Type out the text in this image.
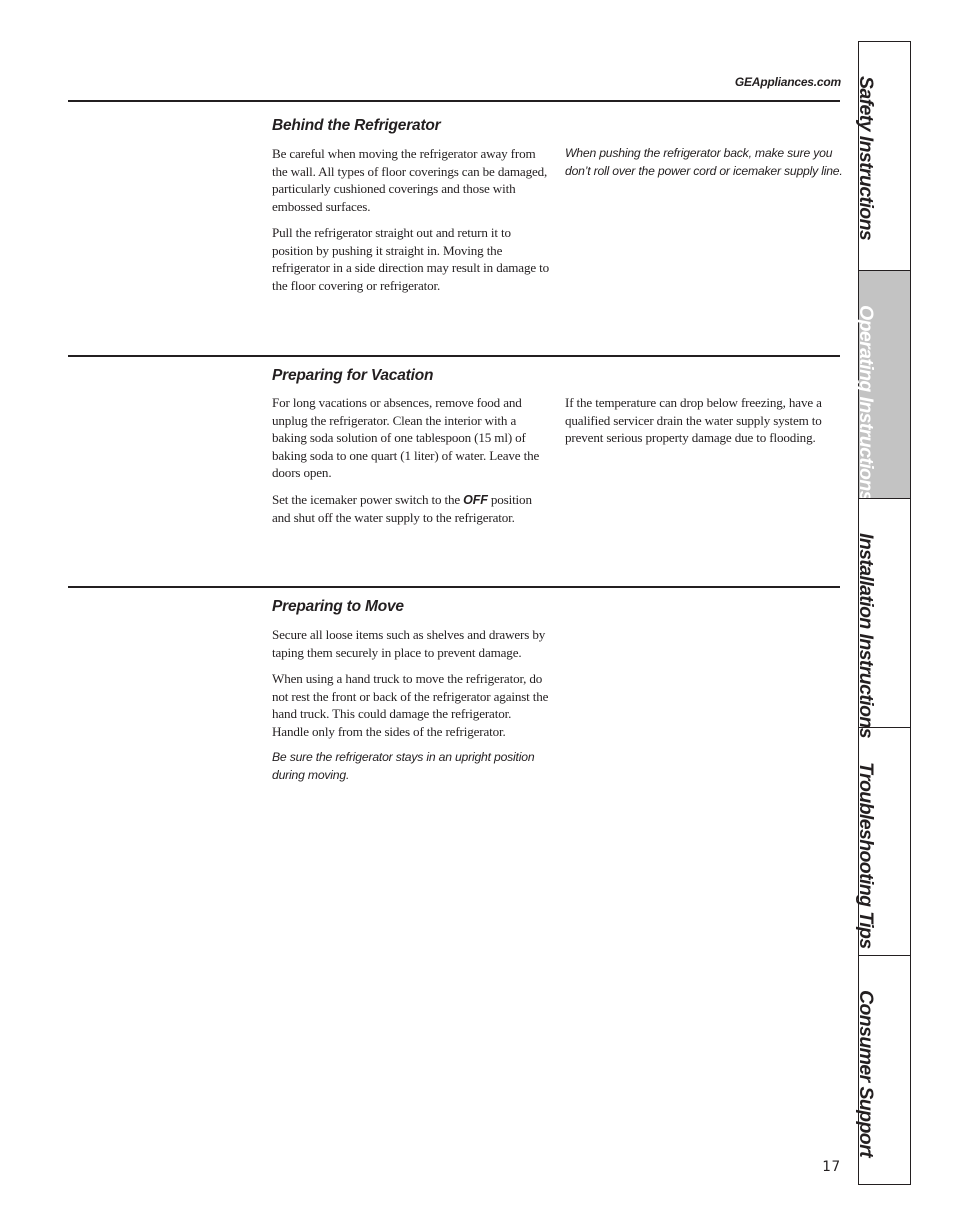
GEAppliances.com
Behind the Refrigerator

Be careful when moving the refrigerator away from the wall. All types of floor coverings can be damaged, particularly cushioned coverings and those with embossed surfaces.

Pull the refrigerator straight out and return it to position by pushing it straight in. Moving the refrigerator in a side direction may result in damage to the floor covering or refrigerator.

When pushing the refrigerator back, make sure you don’t roll over the power cord or icemaker supply line.

Preparing for Vacation

For long vacations or absences, remove food and unplug the refrigerator. Clean the interior with a baking soda solution of one tablespoon (15 ml) of baking soda to one quart (1 liter) of water. Leave the doors open.

Set the icemaker power switch to the OFF position and shut off the water supply to the refrigerator.

If the temperature can drop below freezing, have a qualified servicer drain the water supply system to prevent serious property damage due to flooding.

Preparing to Move

Secure all loose items such as shelves and drawers by taping them securely in place to prevent damage.

When using a hand truck to move the refrigerator, do not rest the front or back of the refrigerator against the hand truck. This could damage the refrigerator. Handle only from the sides of the refrigerator.

Be sure the refrigerator stays in an upright position during moving.

17
Safety Instructions
Operating Instructions
Installation Instructions
Troubleshooting Tips
Consumer Support
